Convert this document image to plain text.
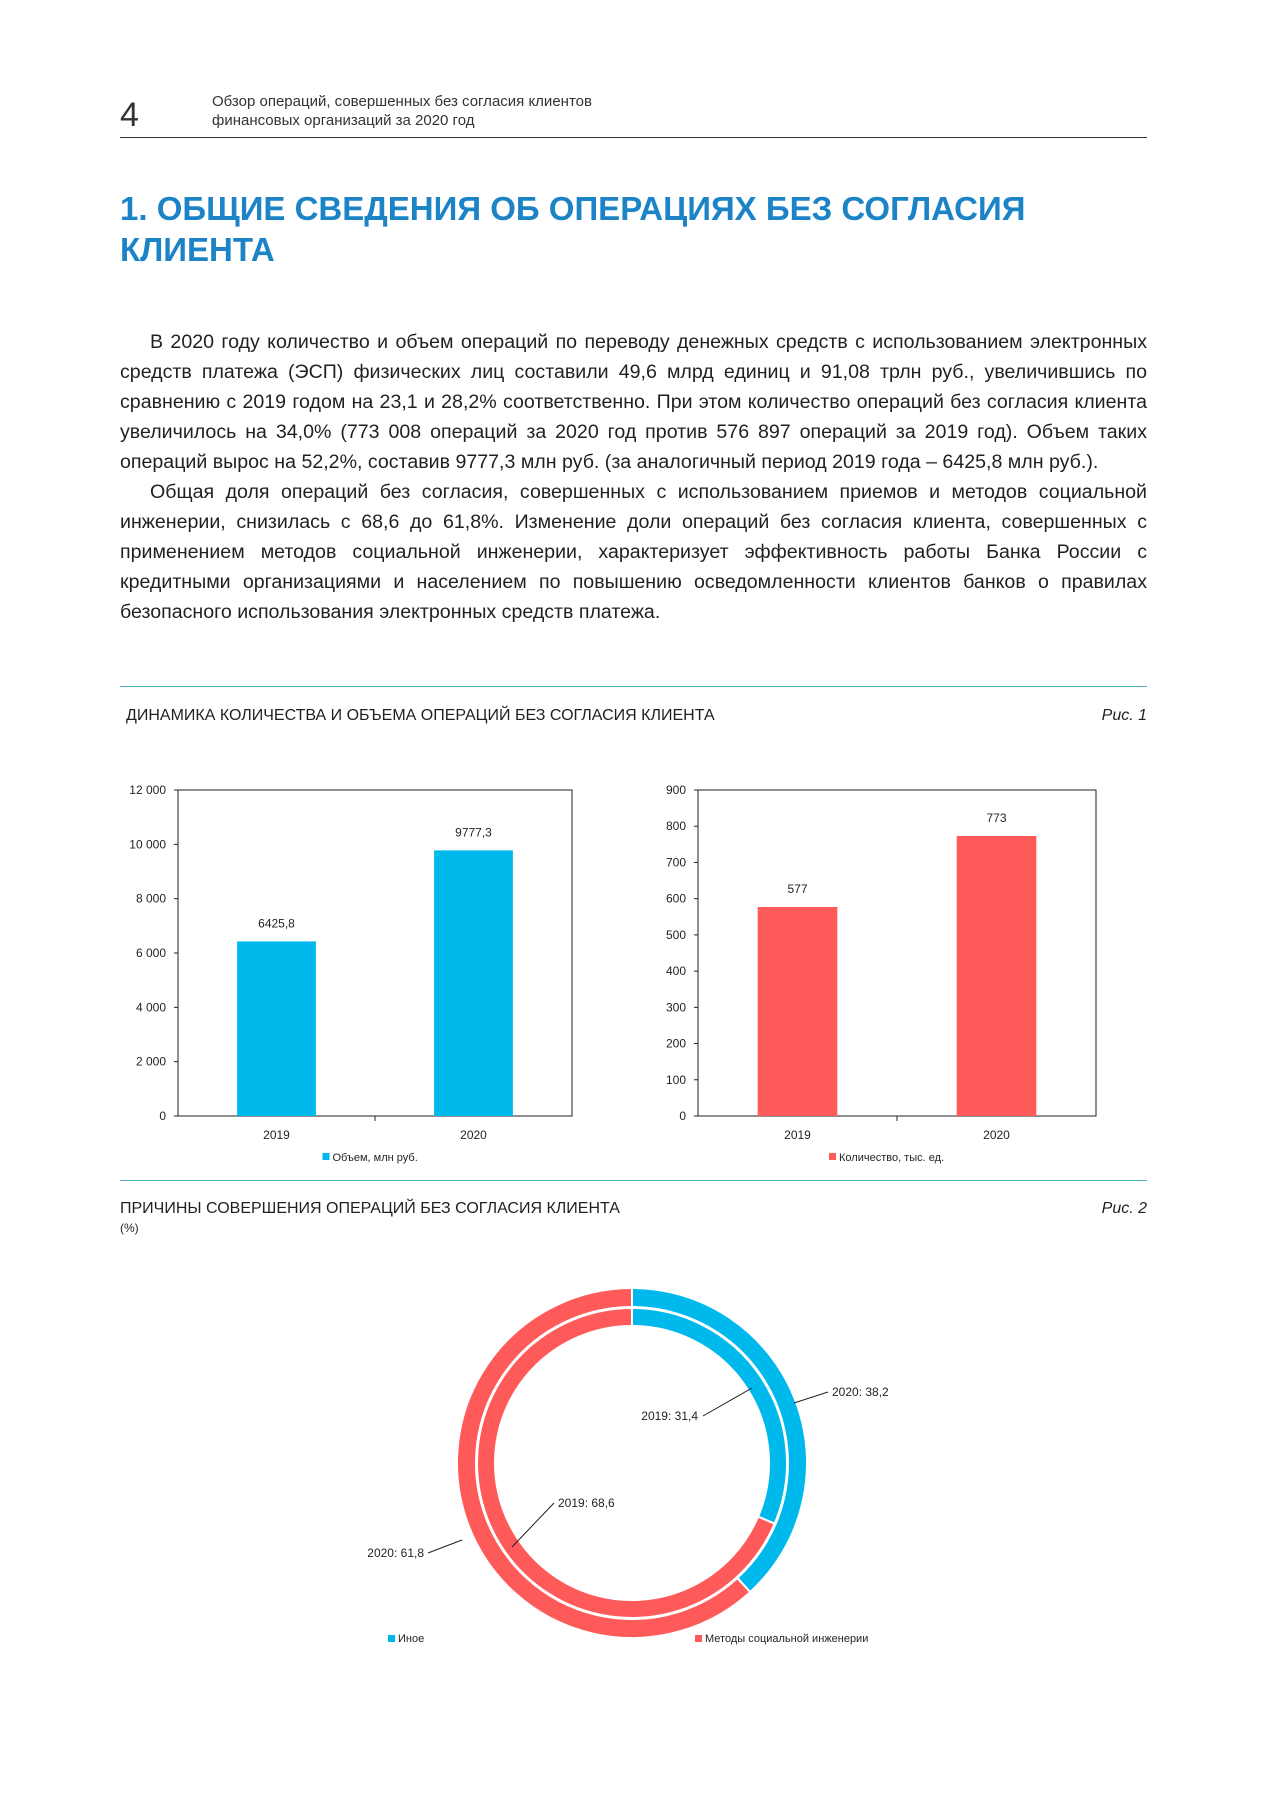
4	Обзор операций, совершенных без согласия клиентов
финансовых организаций за 2020 год
1. ОБЩИЕ СВЕДЕНИЯ ОБ ОПЕРАЦИЯХ БЕЗ СОГЛАСИЯ КЛИЕНТА

В 2020 году количество и объем операций по переводу денежных средств с использованием электронных средств платежа (ЭСП) физических лиц составили 49,6 млрд единиц и 91,08 трлн руб., увеличившись по сравнению с 2019 годом на 23,1 и 28,2% соответственно. При этом количество операций без согласия клиента увеличилось на 34,0% (773 008 операций за 2020 год против 576 897 операций за 2019 год). Объем таких операций вырос на 52,2%, составив 9777,3 млн руб. (за аналогичный период 2019 года – 6425,8 млн руб.).

Общая доля операций без согласия, совершенных с использованием приемов и методов социальной инженерии, снизилась с 68,6 до 61,8%. Изменение доли операций без согласия клиента, совершенных с применением методов социальной инженерии, характеризует эффективность работы Банка России с кредитными организациями и населением по повышению осведомленности клиентов банков о правилах безопасного использования электронных средств платежа.

ДИНАМИКА КОЛИЧЕСТВА И ОБЪЕМА ОПЕРАЦИЙ БЕЗ СОГЛАСИЯ КЛИЕНТА	Рис. 1
0
2 000
4 000
6 000
8 000
10 000
12 000
6425,8
9777,3
2019	2020
Объем, млн руб.
0
100
200
300
400
500
600
700
800
900
577
773
2019	2020
Количество, тыс. ед.
ПРИЧИНЫ СОВЕРШЕНИЯ ОПЕРАЦИЙ БЕЗ СОГЛАСИЯ КЛИЕНТА	Рис. 2
(%)
2020: 38,2
2019: 31,4
2019: 68,6
2020: 61,8
Иное	Методы социальной инженерии
